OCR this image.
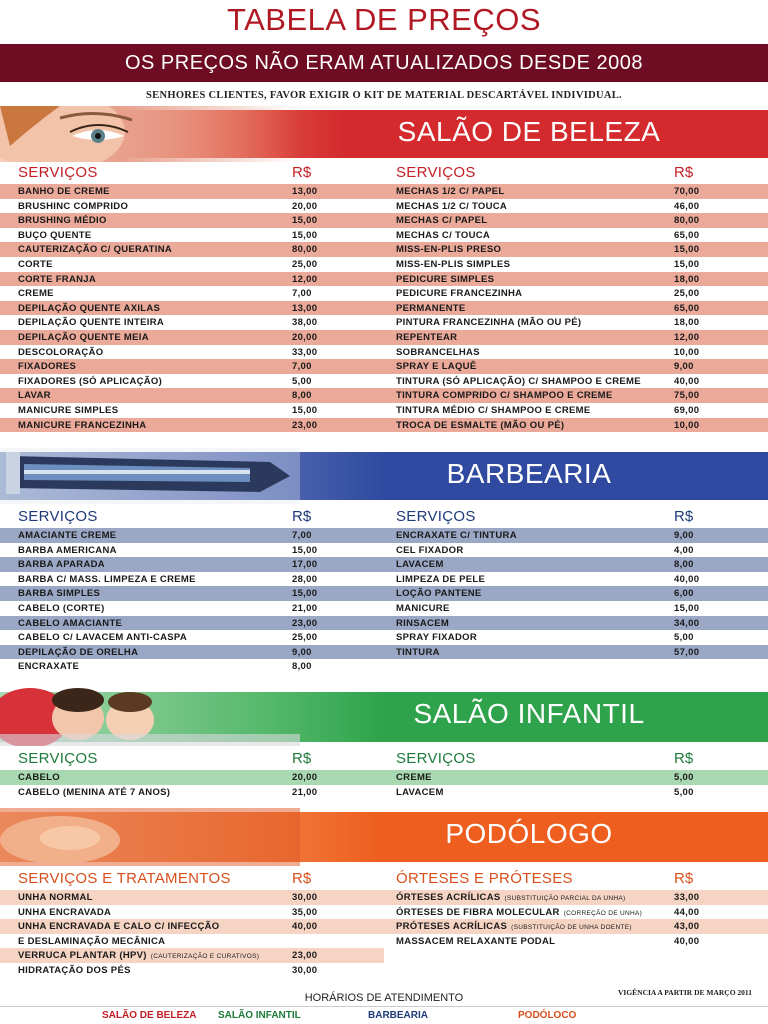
TABELA DE PREÇOS
OS PREÇOS NÃO ERAM ATUALIZADOS DESDE 2008
SENHORES CLIENTES, FAVOR EXIGIR O KIT DE MATERIAL DESCARTÁVEL INDIVIDUAL.
SALÃO DE BELEZA
SERVIÇOS	R$
BANHO DE CREME	13,00
BRUSHINC COMPRIDO	20,00
BRUSHING MÉDIO	15,00
BUÇO QUENTE	15,00
CAUTERIZAÇÃO C/ QUERATINA	80,00
CORTE	25,00
CORTE FRANJA	12,00
CREME	7,00
DEPILAÇÃO QUENTE AXILAS	13,00
DEPILAÇÃO QUENTE INTEIRA	38,00
DEPILAÇÃO QUENTE MEIA	20,00
DESCOLORAÇÃO	33,00
FIXADORES	7,00
FIXADORES (SÓ APLICAÇÃO)	5,00
LAVAR	8,00
MANICURE SIMPLES	15,00
MANICURE FRANCEZINHA	23,00
SERVIÇOS	R$
MECHAS 1/2 C/ PAPEL	70,00
MECHAS 1/2 C/ TOUCA	46,00
MECHAS C/ PAPEL	80,00
MECHAS C/ TOUCA	65,00
MISS-EN-PLIS PRESO	15,00
MISS-EN-PLIS SIMPLES	15,00
PEDICURE SIMPLES	18,00
PEDICURE FRANCEZINHA	25,00
PERMANENTE	65,00
PINTURA FRANCEZINHA (MÃO OU PÉ)	18,00
REPENTEAR	12,00
SOBRANCELHAS	10,00
SPRAY E LAQUÊ	9,00
TINTURA (SÓ APLICAÇÃO) C/ SHAMPOO E CREME	40,00
TINTURA COMPRIDO C/ SHAMPOO E CREME	75,00
TINTURA MÉDIO C/ SHAMPOO E CREME	69,00
TROCA DE ESMALTE (MÃO OU PÉ)	10,00
BARBEARIA
SERVIÇOS	R$
AMACIANTE CREME	7,00
BARBA AMERICANA	15,00
BARBA APARADA	17,00
BARBA C/ MASS. LIMPEZA E CREME	28,00
BARBA SIMPLES	15,00
CABELO (CORTE)	21,00
CABELO AMACIANTE	23,00
CABELO C/ LAVACEM ANTI-CASPA	25,00
DEPILAÇÃO DE ORELHA	9,00
ENCRAXATE	8,00
SERVIÇOS	R$
ENCRAXATE C/ TINTURA	9,00
CEL FIXADOR	4,00
LAVACEM	8,00
LIMPEZA DE PELE	40,00
LOÇÃO PANTENE	6,00
MANICURE	15,00
RINSACEM	34,00
SPRAY FIXADOR	5,00
TINTURA	57,00
SALÃO INFANTIL
SERVIÇOS	R$
CABELO	20,00
CABELO (MENINA ATÉ 7 ANOS)	21,00
SERVIÇOS	R$
CREME	5,00
LAVACEM	5,00
PODÓLOGO
SERVIÇOS E TRATAMENTOS	R$
UNHA NORMAL	30,00
UNHA ENCRAVADA	35,00
UNHA ENCRAVADA E CALO C/ INFECÇÃO	40,00
E DESLAMINAÇÃO MECÂNICA
VERRUCA PLANTAR (HPV) (CAUTERIZAÇÃO E CURATIVOS)	23,00
HIDRATAÇÃO DOS PÉS	30,00
ÓRTESES E PRÓTESES	R$
ÓRTESES ACRÍLICAS (SUBSTITUIÇÃO PARCIAL DA UNHA)	33,00
ÓRTESES DE FIBRA MOLECULAR (CORREÇÃO DE UNHA)	44,00
PRÓTESES ACRÍLICAS (SUBSTITUIÇÃO DE UNHA DOENTE)	43,00
MASSACEM RELAXANTE PODAL	40,00
HORÁRIOS DE ATENDIMENTO	VIGÊNCIA A PARTIR DE MARÇO 2011
SALÃO DE BELEZA SALÃO INFANTIL	BARBEARIA	PODÓLOCO
